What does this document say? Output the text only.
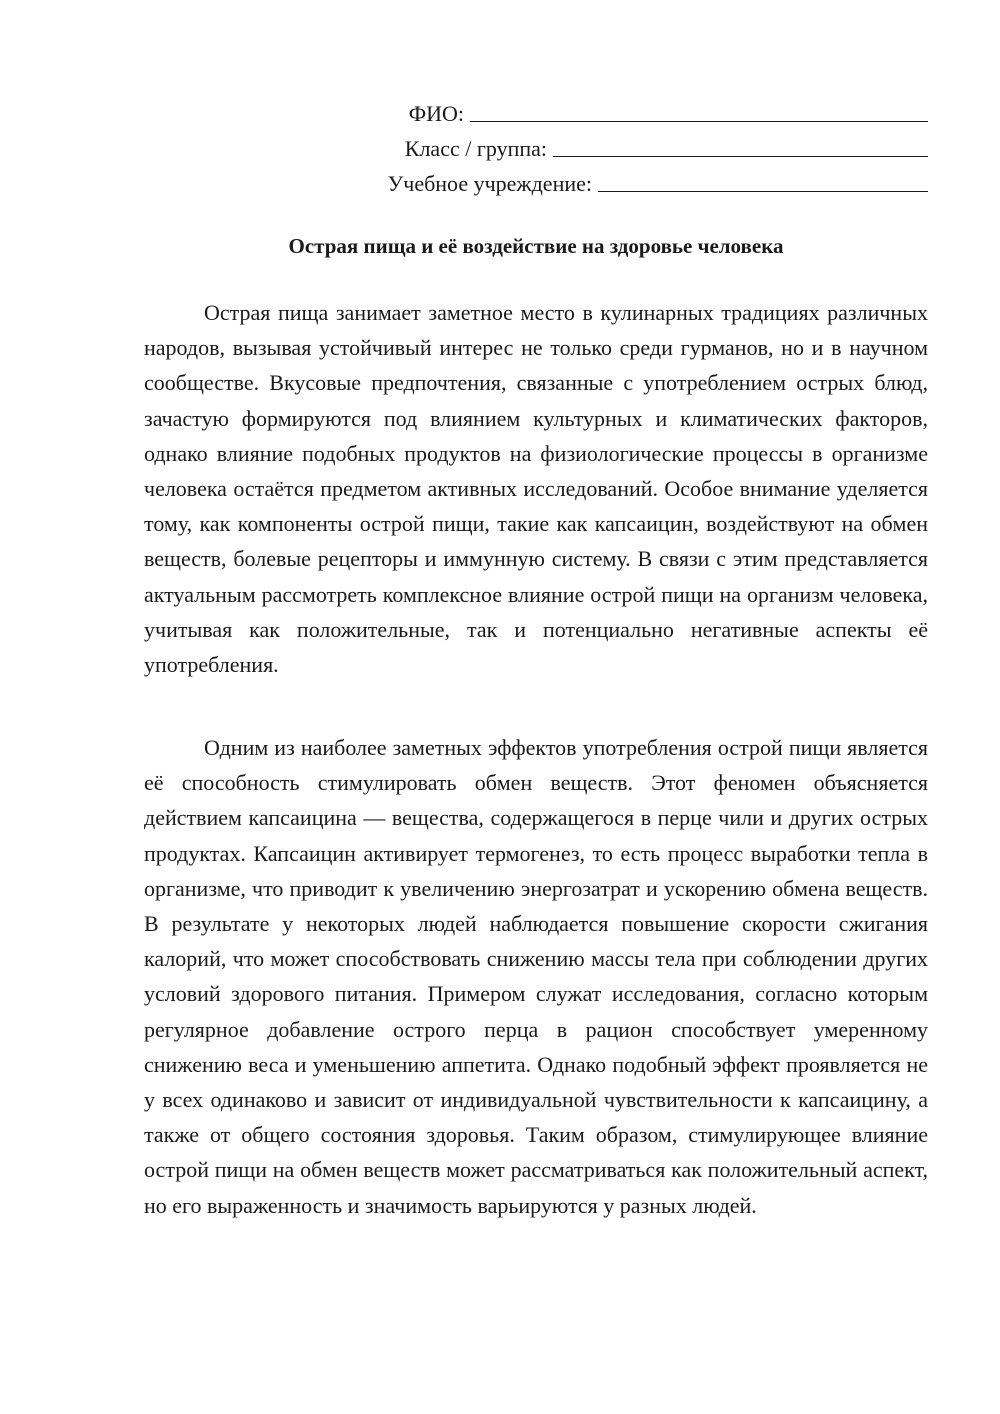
ФИО:
Класс / группа:
Учебное учреждение:
Острая пища и её воздействие на здоровье человека

Острая пища занимает заметное место в кулинарных традициях различных народов, вызывая устойчивый интерес не только среди гурманов, но и в научном сообществе. Вкусовые предпочтения, связанные с употреблением острых блюд, зачастую формируются под влиянием культурных и климатических факторов, однако влияние подобных продуктов на физиологические процессы в организме человека остаётся предметом активных исследований. Особое внимание уделяется тому, как компоненты острой пищи, такие как капсаицин, воздействуют на обмен веществ, болевые рецепторы и иммунную систему. В связи с этим представляется актуальным рассмотреть комплексное влияние острой пищи на организм человека, учитывая как положительные, так и потенциально негативные аспекты её употребления.

Одним из наиболее заметных эффектов употребления острой пищи является её способность стимулировать обмен веществ. Этот феномен объясняется действием капсаицина — вещества, содержащегося в перце чили и других острых продуктах. Капсаицин активирует термогенез, то есть процесс выработки тепла в организме, что приводит к увеличению энергозатрат и ускорению обмена веществ. В результате у некоторых людей наблюдается повышение скорости сжигания калорий, что может способствовать снижению массы тела при соблюдении других условий здорового питания. Примером служат исследования, согласно которым регулярное добавление острого перца в рацион способствует умеренному снижению веса и уменьшению аппетита. Однако подобный эффект проявляется не у всех одинаково и зависит от индивидуальной чувствительности к капсаицину, а также от общего состояния здоровья. Таким образом, стимулирующее влияние острой пищи на обмен веществ может рассматриваться как положительный аспект, но его выраженность и значимость варьируются у разных людей.
